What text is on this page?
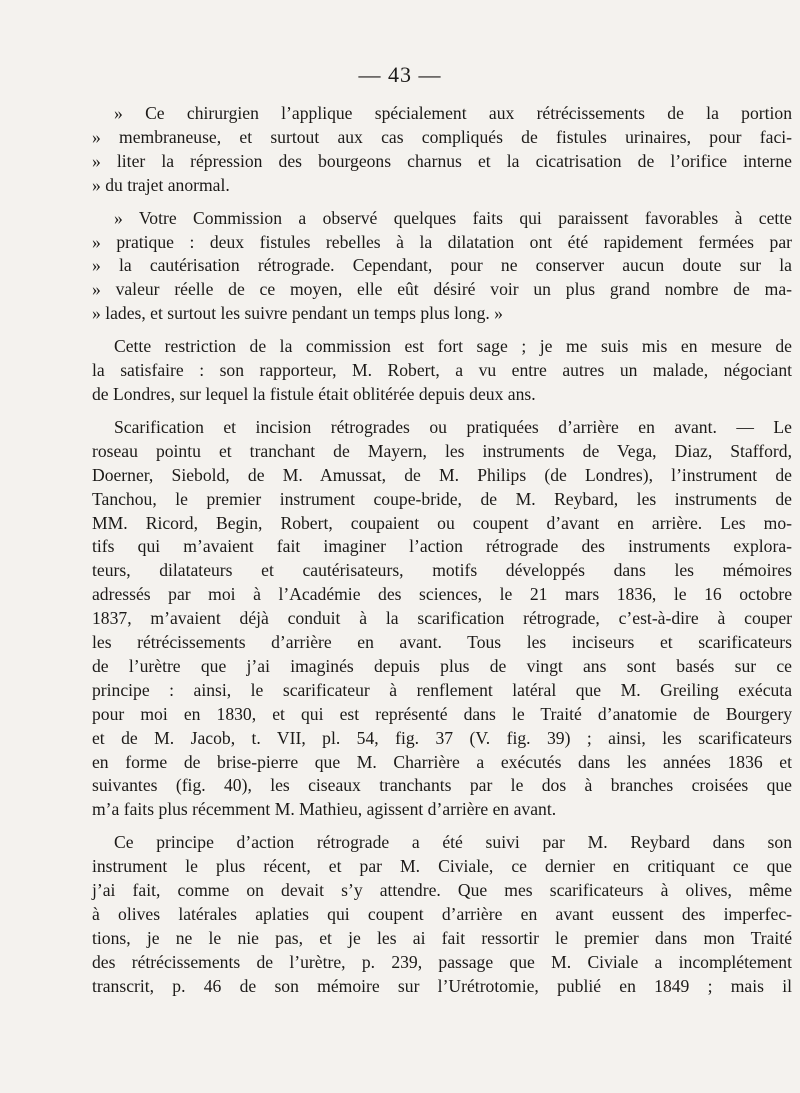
— 43 —
» Ce chirurgien l’applique spécialement aux rétrécissements de la portion
» membraneuse, et surtout aux cas compliqués de fistules urinaires, pour faci-
» liter la répression des bourgeons charnus et la cicatrisation de l’orifice interne
» du trajet anormal.
» Votre Commission a observé quelques faits qui paraissent favorables à cette
» pratique : deux fistules rebelles à la dilatation ont été rapidement fermées par
» la cautérisation rétrograde. Cependant, pour ne conserver aucun doute sur la
» valeur réelle de ce moyen, elle eût désiré voir un plus grand nombre de ma-
» lades, et surtout les suivre pendant un temps plus long. »
Cette restriction de la commission est fort sage ; je me suis mis en mesure de
la satisfaire : son rapporteur, M. Robert, a vu entre autres un malade, négociant
de Londres, sur lequel la fistule était oblitérée depuis deux ans.
Scarification et incision rétrogrades ou pratiquées d’arrière en avant. — Le
roseau pointu et tranchant de Mayern, les instruments de Vega, Diaz, Stafford,
Doerner, Siebold, de M. Amussat, de M. Philips (de Londres), l’instrument de
Tanchou, le premier instrument coupe-bride, de M. Reybard, les instruments de
MM. Ricord, Begin, Robert, coupaient ou coupent d’avant en arrière. Les mo-
tifs qui m’avaient fait imaginer l’action rétrograde des instruments explora-
teurs, dilatateurs et cautérisateurs, motifs développés dans les mémoires
adressés par moi à l’Académie des sciences, le 21 mars 1836, le 16 octobre
1837, m’avaient déjà conduit à la scarification rétrograde, c’est-à-dire à couper
les rétrécissements d’arrière en avant. Tous les inciseurs et scarificateurs
de l’urètre que j’ai imaginés depuis plus de vingt ans sont basés sur ce
principe : ainsi, le scarificateur à renflement latéral que M. Greiling exécuta
pour moi en 1830, et qui est représenté dans le Traité d’anatomie de Bourgery
et de M. Jacob, t. VII, pl. 54, fig. 37 (V. fig. 39) ; ainsi, les scarificateurs
en forme de brise-pierre que M. Charrière a exécutés dans les années 1836 et
suivantes (fig. 40), les ciseaux tranchants par le dos à branches croisées que
m’a faits plus récemment M. Mathieu, agissent d’arrière en avant.
Ce principe d’action rétrograde a été suivi par M. Reybard dans son
instrument le plus récent, et par M. Civiale, ce dernier en critiquant ce que
j’ai fait, comme on devait s’y attendre. Que mes scarificateurs à olives, même
à olives latérales aplaties qui coupent d’arrière en avant eussent des imperfec-
tions, je ne le nie pas, et je les ai fait ressortir le premier dans mon Traité
des rétrécissements de l’urètre, p. 239, passage que M. Civiale a incomplétement
transcrit, p. 46 de son mémoire sur l’Urétrotomie, publié en 1849 ; mais il
